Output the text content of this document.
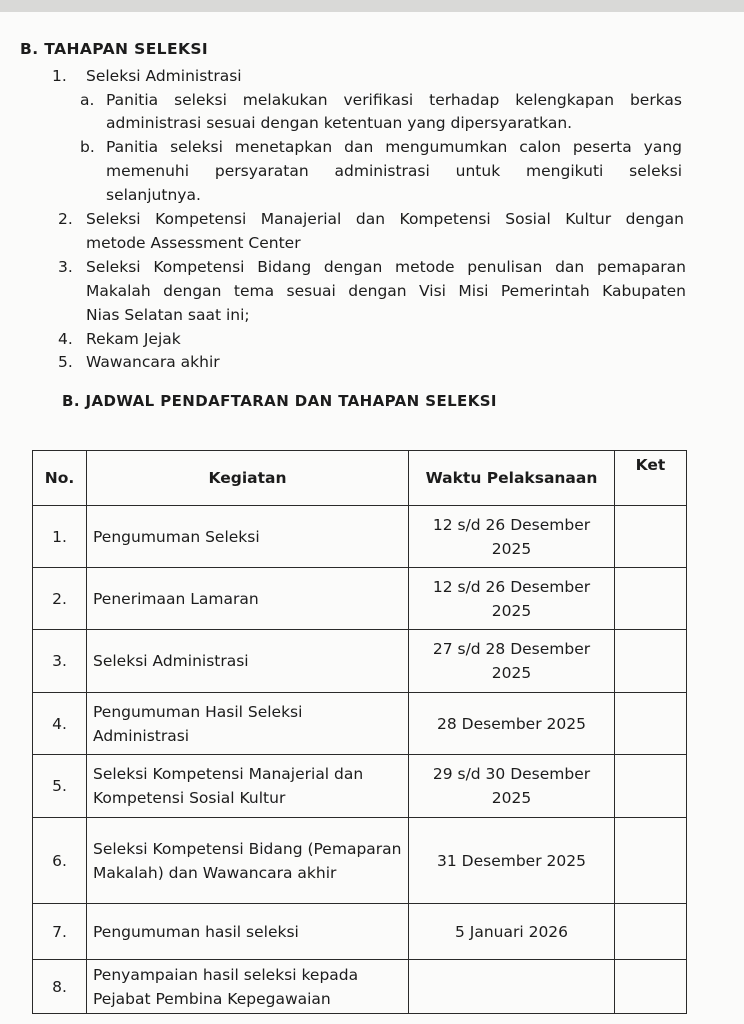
B. TAHAPAN SELEKSI
1. Seleksi Administrasi
a. Panitia seleksi melakukan verifikasi terhadap kelengkapan berkas
administrasi sesuai dengan ketentuan yang dipersyaratkan.
b. Panitia seleksi menetapkan dan mengumumkan calon peserta yang
memenuhi persyaratan administrasi untuk mengikuti seleksi
selanjutnya.
2. Seleksi Kompetensi Manajerial dan Kompetensi Sosial Kultur dengan
metode Assessment Center
3. Seleksi Kompetensi Bidang dengan metode penulisan dan pemaparan
Makalah dengan tema sesuai dengan Visi Misi Pemerintah Kabupaten
Nias Selatan saat ini;
4. Rekam Jejak
5. Wawancara akhir
B. JADWAL PENDAFTARAN DAN TAHAPAN SELEKSI
No.	Kegiatan	Waktu Pelaksanaan	Ket
1.	Pengumuman Seleksi	12 s/d 26 Desember 2025	
2.	Penerimaan Lamaran	12 s/d 26 Desember 2025	
3.	Seleksi Administrasi	27 s/d 28 Desember 2025	
4.	Pengumuman Hasil Seleksi Administrasi	28 Desember 2025	
5.	Seleksi Kompetensi Manajerial dan Kompetensi Sosial Kultur	29 s/d 30 Desember 2025	
6.	Seleksi Kompetensi Bidang (Pemaparan Makalah) dan Wawancara akhir	31 Desember 2025	
7.	Pengumuman hasil seleksi	5 Januari 2026	
8.	Penyampaian hasil seleksi kepada Pejabat Pembina Kepegawaian		
